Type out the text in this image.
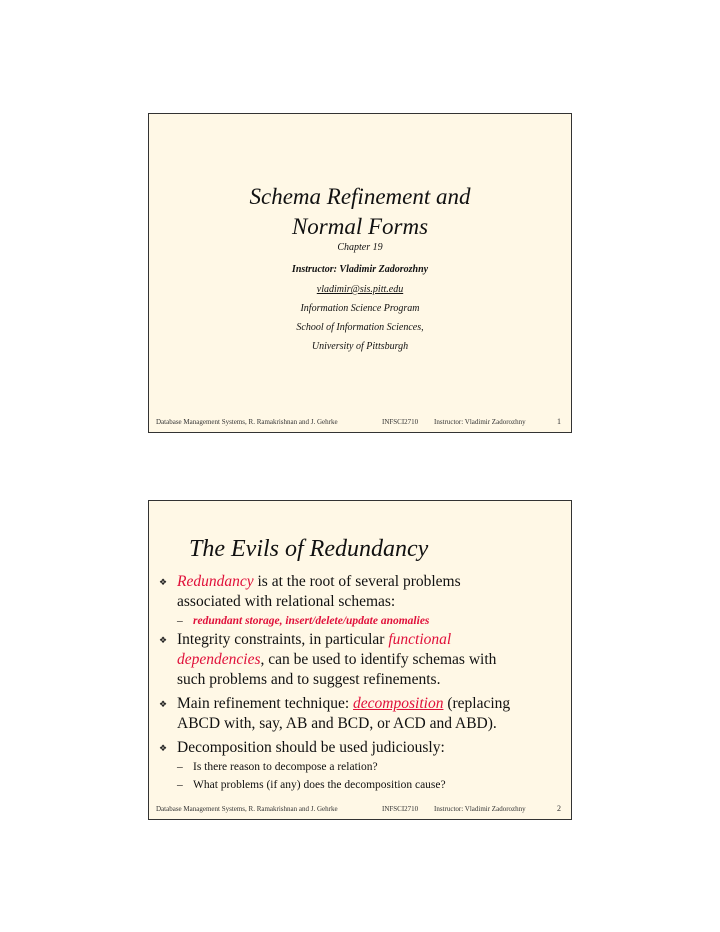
Schema Refinement and
Normal Forms
Chapter 19
Instructor: Vladimir Zadorozhny
vladimir@sis.pitt.edu
Information Science Program
School of Information Sciences,
University of Pittsburgh
Database Management Systems, R. Ramakrishnan and J. Gehrke	INFSCI2710 Instructor: Vladimir Zadorozhny	1
The Evils of Redundancy
❖ Redundancy is at the root of several problems
associated with relational schemas:
– redundant storage, insert/delete/update anomalies
❖ Integrity constraints, in particular functional
dependencies, can be used to identify schemas with
such problems and to suggest refinements.
❖ Main refinement technique: decomposition (replacing
ABCD with, say, AB and BCD, or ACD and ABD).
❖ Decomposition should be used judiciously:
– Is there reason to decompose a relation?
– What problems (if any) does the decomposition cause?
Database Management Systems, R. Ramakrishnan and J. Gehrke	INFSCI2710 Instructor: Vladimir Zadorozhny	2
